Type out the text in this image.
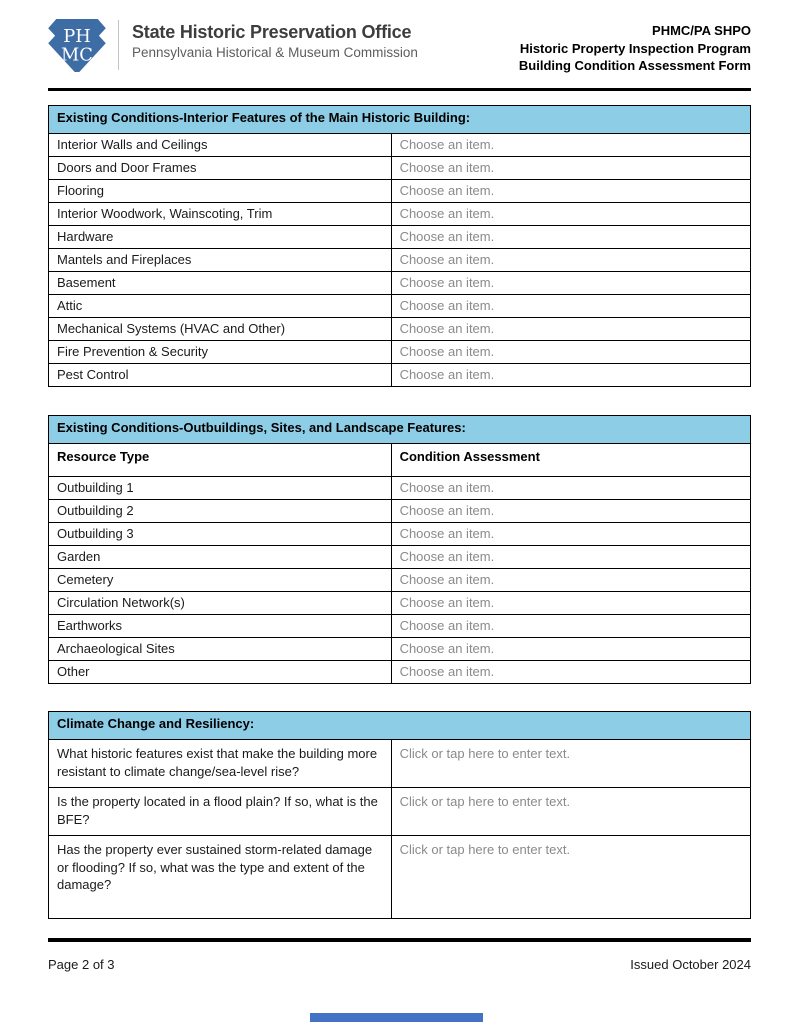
PH
MC
State Historic Preservation Office
Pennsylvania Historical & Museum Commission
PHMC/PA SHPO
Historic Property Inspection Program
Building Condition Assessment Form
Existing Conditions-Interior Features of the Main Historic Building:	
Interior Walls and Ceilings	Choose an item.
Doors and Door Frames	Choose an item.
Flooring	Choose an item.
Interior Woodwork, Wainscoting, Trim	Choose an item.
Hardware	Choose an item.
Mantels and Fireplaces	Choose an item.
Basement	Choose an item.
Attic	Choose an item.
Mechanical Systems (HVAC and Other)	Choose an item.
Fire Prevention & Security	Choose an item.
Pest Control	Choose an item.
Existing Conditions-Outbuildings, Sites, and Landscape Features:	
Resource Type	Condition Assessment
Outbuilding 1	Choose an item.
Outbuilding 2	Choose an item.
Outbuilding 3	Choose an item.
Garden	Choose an item.
Cemetery	Choose an item.
Circulation Network(s)	Choose an item.
Earthworks	Choose an item.
Archaeological Sites	Choose an item.
Other	Choose an item.
Climate Change and Resiliency:	
What historic features exist that make the building more resistant to climate change/sea-level rise?	Click or tap here to enter text.
Is the property located in a flood plain? If so, what is the BFE?	Click or tap here to enter text.
Has the property ever sustained storm-related damage or flooding? If so, what was the type and extent of the damage?	Click or tap here to enter text.
Page 2 of 3	Issued October 2024
